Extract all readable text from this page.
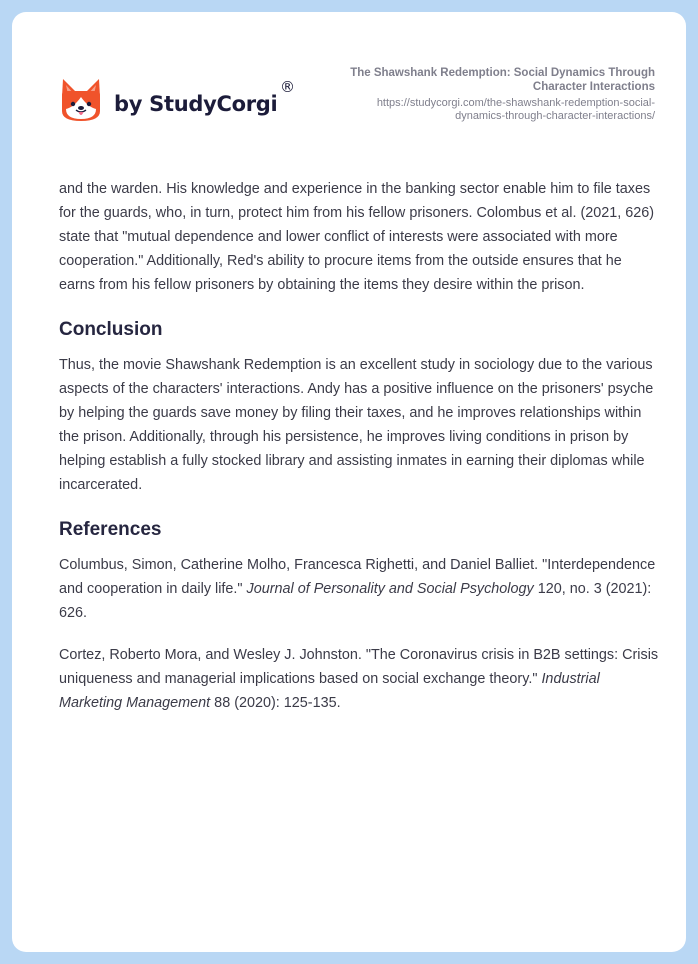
by StudyCorgi
®
The Shawshank Redemption: Social Dynamics Through
Character Interactions
https://studycorgi.com/the-shawshank-redemption-social-
dynamics-through-character-interactions/

and the warden. His knowledge and experience in the banking sector enable him to file taxes for the guards, who, in turn, protect him from his fellow prisoners. Colombus et al. (2021, 626) state that "mutual dependence and lower conflict of interests were associated with more cooperation." Additionally, Red's ability to procure items from the outside ensures that he earns from his fellow prisoners by obtaining the items they desire within the prison.

Conclusion

Thus, the movie Shawshank Redemption is an excellent study in sociology due to the various aspects of the characters' interactions. Andy has a positive influence on the prisoners' psyche by helping the guards save money by filing their taxes, and he improves relationships within the prison. Additionally, through his persistence, he improves living conditions in prison by helping establish a fully stocked library and assisting inmates in earning their diplomas while incarcerated.

References

Columbus, Simon, Catherine Molho, Francesca Righetti, and Daniel Balliet. "Interdependence and cooperation in daily life." Journal of Personality and Social Psychology 120, no. 3 (2021): 626.

Cortez, Roberto Mora, and Wesley J. Johnston. "The Coronavirus crisis in B2B settings: Crisis uniqueness and managerial implications based on social exchange theory." Industrial Marketing Management 88 (2020): 125-135.
